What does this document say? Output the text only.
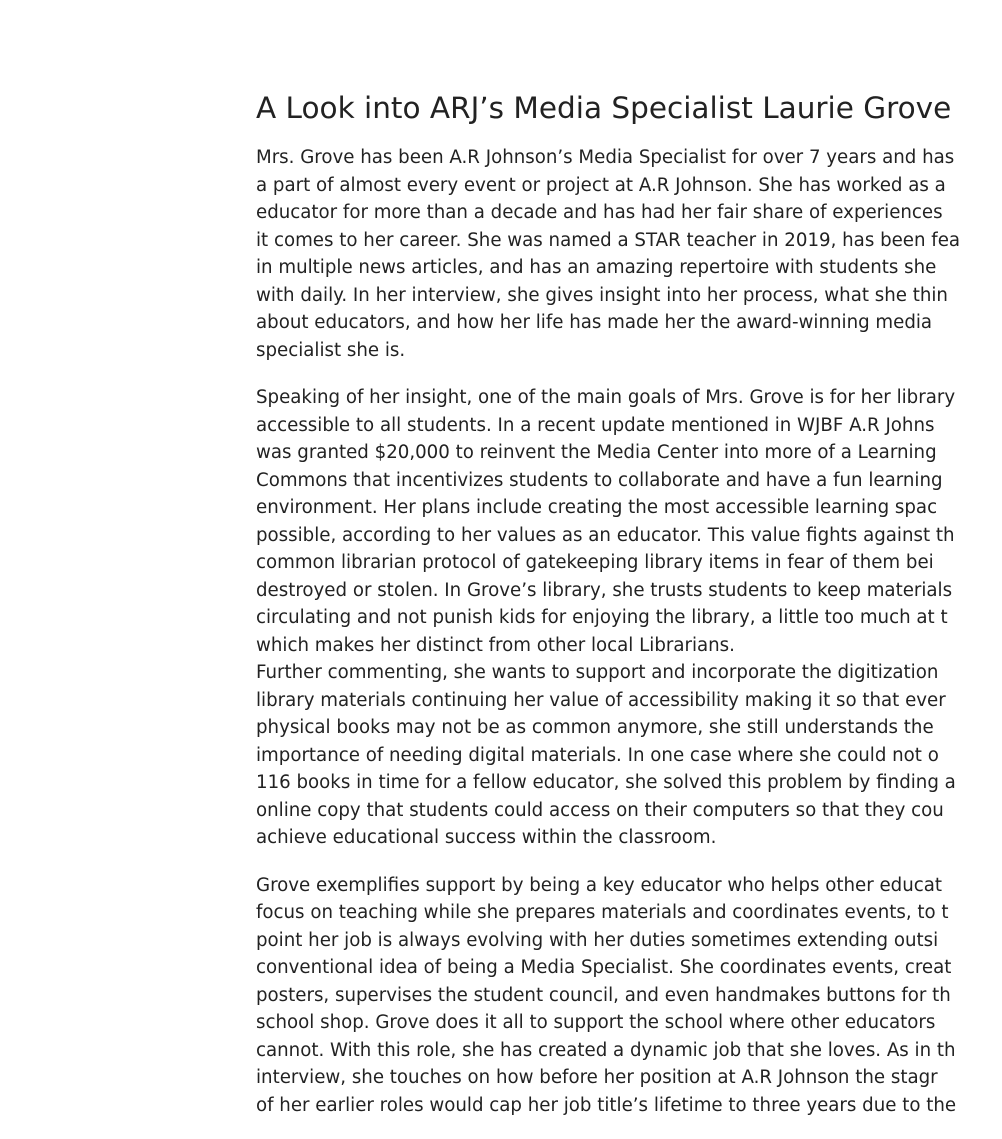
A Look into ARJ’s Media Specialist Laurie Grove
Mrs. Grove has been A.R Johnson’s Media Specialist for over 7 years and has
a part of almost every event or project at A.R Johnson. She has worked as a
educator for more than a decade and has had her fair share of experiences
it comes to her career. She was named a STAR teacher in 2019, has been fea
in multiple news articles, and has an amazing repertoire with students she
with daily. In her interview, she gives insight into her process, what she thin
about educators, and how her life has made her the award-winning media
specialist she is.
Speaking of her insight, one of the main goals of Mrs. Grove is for her library
accessible to all students. In a recent update mentioned in WJBF A.R Johns
was granted $20,000 to reinvent the Media Center into more of a Learning
Commons that incentivizes students to collaborate and have a fun learning
environment. Her plans include creating the most accessible learning spac
possible, according to her values as an educator. This value fights against th
common librarian protocol of gatekeeping library items in fear of them bei
destroyed or stolen. In Grove’s library, she trusts students to keep materials
circulating and not punish kids for enjoying the library, a little too much at t
which makes her distinct from other local Librarians.
Further commenting, she wants to support and incorporate the digitization
library materials continuing her value of accessibility making it so that ever
physical books may not be as common anymore, she still understands the
importance of needing digital materials. In one case where she could not o
116 books in time for a fellow educator, she solved this problem by finding a
online copy that students could access on their computers so that they cou
achieve educational success within the classroom.
Grove exemplifies support by being a key educator who helps other educat
focus on teaching while she prepares materials and coordinates events, to t
point her job is always evolving with her duties sometimes extending outsi
conventional idea of being a Media Specialist. She coordinates events, creat
posters, supervises the student council, and even handmakes buttons for th
school shop. Grove does it all to support the school where other educators
cannot. With this role, she has created a dynamic job that she loves. As in th
interview, she touches on how before her position at A.R Johnson the stagr
of her earlier roles would cap her job title’s lifetime to three years due to the
